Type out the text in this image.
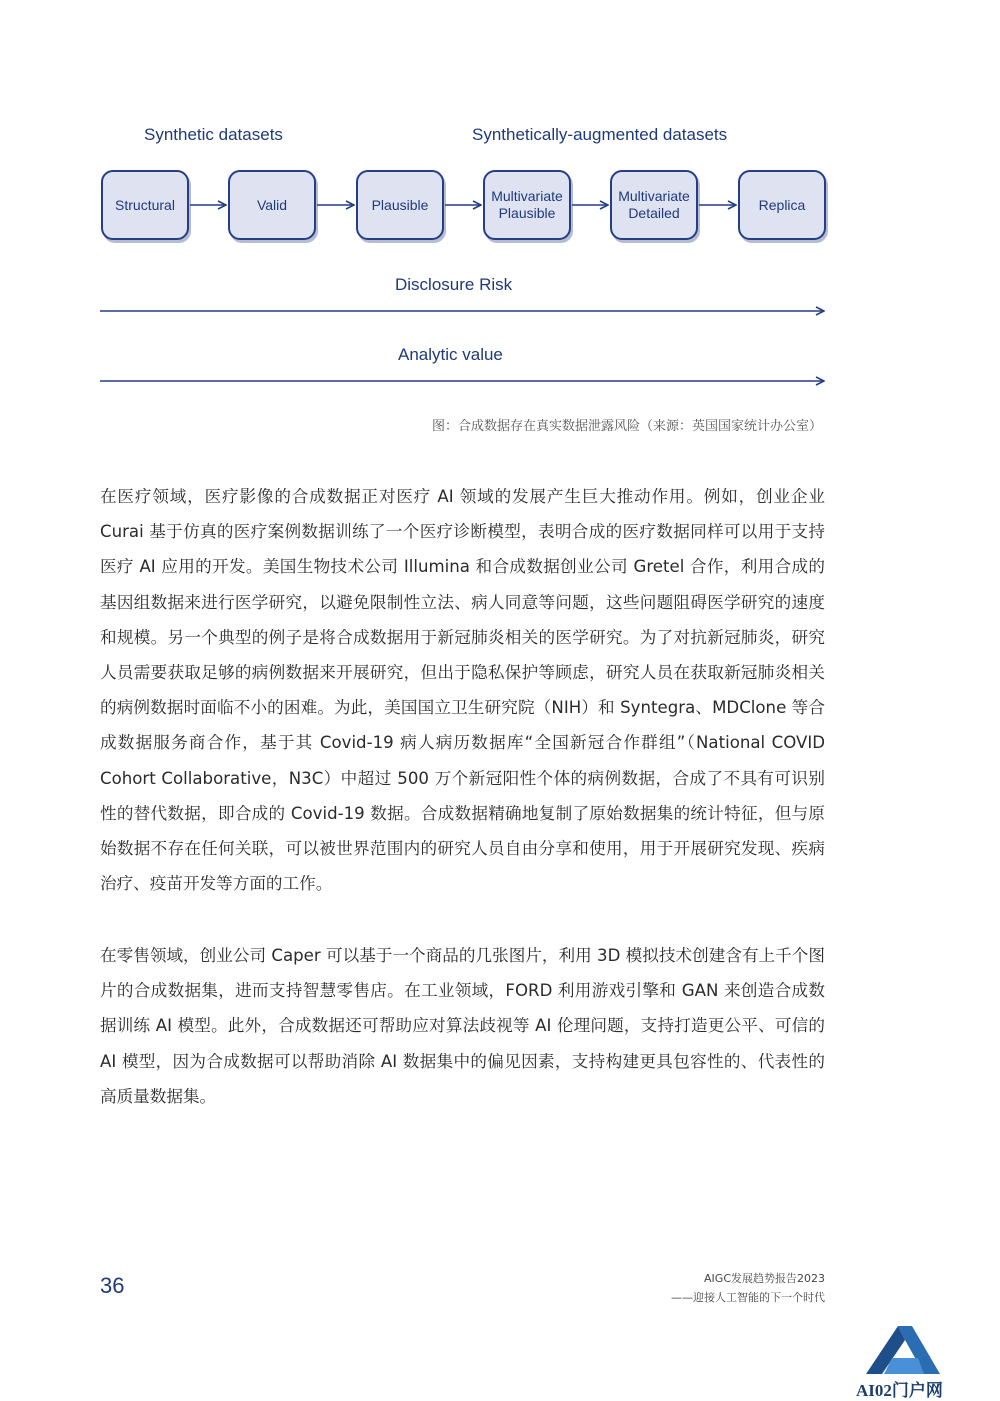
Synthetic datasets	Synthetically-augmented datasets
Structural	Valid	Plausible
Multivariate
Plausible
Multivariate
Detailed
Replica
Disclosure Risk
Analytic value
图：合成数据存在真实数据泄露风险（来源：英国国家统计办公室）

在医疗领域，医疗影像的合成数据正对医疗 AI 领域的发展产生巨大推动作用。例如，创业企业 Curai 基于仿真的医疗案例数据训练了一个医疗诊断模型，表明合成的医疗数据同样可以用于支持医疗 AI 应用的开发。美国生物技术公司 Illumina 和合成数据创业公司 Gretel 合作，利用合成的基因组数据来进行医学研究，以避免限制性立法、病人同意等问题，这些问题阻碍医学研究的速度和规模。另一个典型的例子是将合成数据用于新冠肺炎相关的医学研究。为了对抗新冠肺炎，研究人员需要获取足够的病例数据来开展研究，但出于隐私保护等顾虑，研究人员在获取新冠肺炎相关的病例数据时面临不小的困难。为此，美国国立卫生研究院（NIH）和 Syntegra、MDClone 等合成数据服务商合作，基于其 Covid-19 病人病历数据库“全国新冠合作群组”（National COVID Cohort Collaborative，N3C）中超过 500 万个新冠阳性个体的病例数据，合成了不具有可识别性的替代数据，即合成的 Covid-19 数据。合成数据精确地复制了原始数据集的统计特征，但与原始数据不存在任何关联，可以被世界范围内的研究人员自由分享和使用，用于开展研究发现、疾病治疗、疫苗开发等方面的工作。

在零售领域，创业公司 Caper 可以基于一个商品的几张图片，利用 3D 模拟技术创建含有上千个图片的合成数据集，进而支持智慧零售店。在工业领域，FORD 利用游戏引擎和 GAN 来创造合成数据训练 AI 模型。此外，合成数据还可帮助应对算法歧视等 AI 伦理问题，支持打造更公平、可信的 AI 模型，因为合成数据可以帮助消除 AI 数据集中的偏见因素，支持构建更具包容性的、代表性的高质量数据集。

36	AIGC发展趋势报告2023
——迎接人工智能的下一个时代
AI02门户网
